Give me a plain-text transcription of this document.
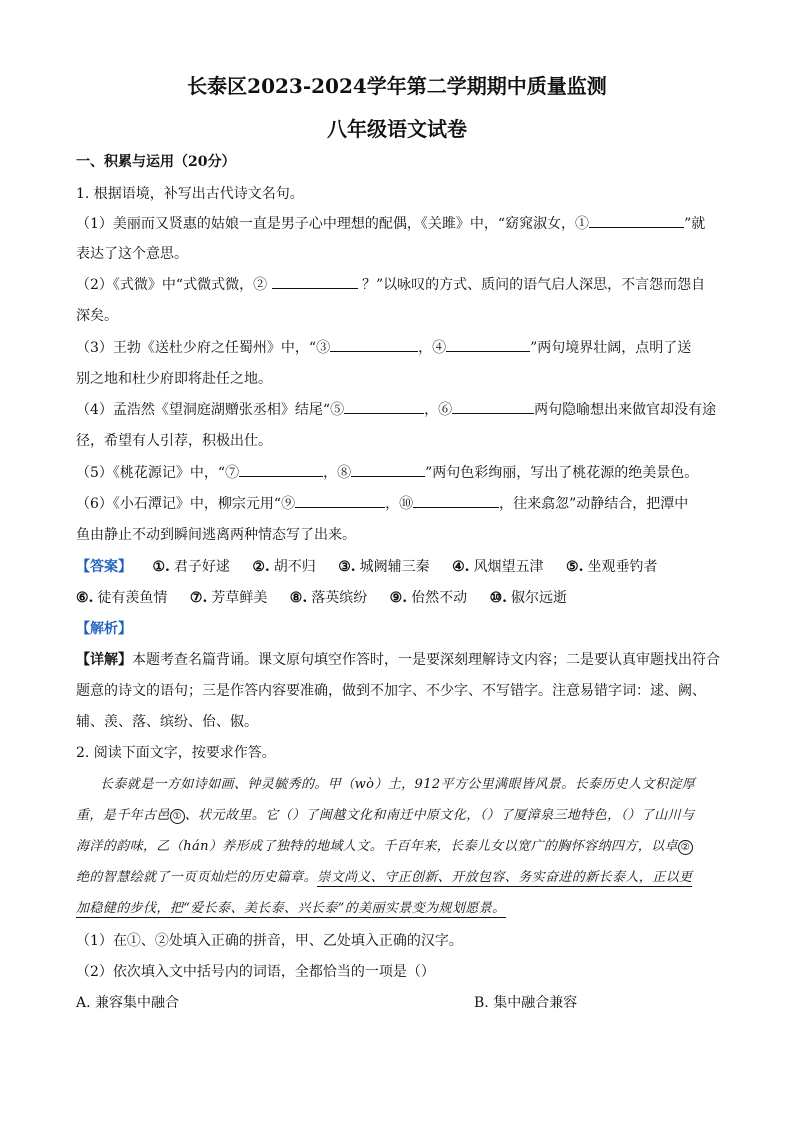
长泰区2023-2024学年第二学期期中质量监测
八年级语文试卷
一、积累与运用（20分）
1. 根据语境，补写出古代诗文名句。
（1）美丽而又贤惠的姑娘一直是男子心中理想的配偶，《关雎》中，“窈窕淑女，①	”就
表达了这个意思。
（2）《式微》中“式微式微，②	？”以咏叹的方式、质问的语气启人深思，不言怨而怨自
深矣。
（3）王勃《送杜少府之任蜀州》中，“③	，④	”两句境界壮阔，点明了送
别之地和杜少府即将赴任之地。
（4）孟浩然《望洞庭湖赠张丞相》结尾“⑤	，⑥	两句隐喻想出来做官却没有途
径，希望有人引荐，积极出仕。
（5）《桃花源记》中，“⑦	，⑧	”两句色彩绚丽，写出了桃花源的绝美景色。
（6）《小石潭记》中，柳宗元用“⑨	，⑩	，往来翕忽”动静结合，把潭中
鱼由静止不动到瞬间逃离两种情态写了出来。
【答案】 ①. 君子好逑 ②. 胡不归 ③. 城阙辅三秦 ④. 风烟望五津 ⑤. 坐观垂钓者
⑥. 徒有羡鱼情 ⑦. 芳草鲜美 ⑧. 落英缤纷 ⑨. 佁然不动 ⑩. 俶尔远逝
【解析】
【详解】本题考查名篇背诵。课文原句填空作答时，一是要深刻理解诗文内容；二是要认真审题找出符合
题意的诗文的语句；三是作答内容要准确，做到不加字、不少字、不写错字。注意易错字词：逑、阙、
辅、羡、落、缤纷、佁、俶。
2. 阅读下面文字，按要求作答。
长泰就是一方如诗如画、钟灵毓秀的。甲（wò）土，912平方公里满眼皆风景。长泰历史人文积淀厚
重，是千年古邑 ① 、状元故里。它（）了闽越文化和南迁中原文化，（）了厦漳泉三地特色，（）了山川与
海洋的韵味，乙（hán）养形成了独特的地域人文。千百年来，长泰儿女以宽广的胸怀容纳四方，以卓 ②
绝的智慧绘就了一页页灿烂的历史篇章。崇文尚义、守正创新、开放包容、务实奋进的新长泰人，正以更
加稳健的步伐，把“爱长泰、美长泰、兴长泰”的美丽实景变为规划愿景。
（1）在①、②处填入正确的拼音，甲、乙处填入正确的汉字。
（2）依次填入文中括号内的词语，全都恰当的一项是（）
A. 兼容集中融合	B. 集中融合兼容
